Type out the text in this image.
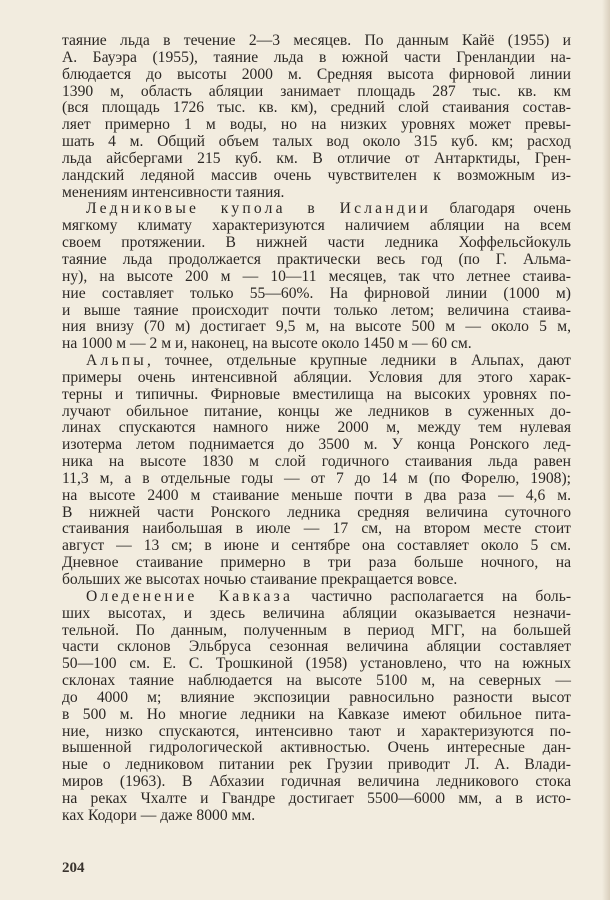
таяние льда в течение 2—3 месяцев. По данным Кайё (1955) и
А. Бауэра (1955), таяние льда в южной части Гренландии на-
блюдается до высоты 2000 м. Средняя высота фирновой линии
1390 м, область абляции занимает площадь 287 тыс. кв. км
(вся площадь 1726 тыс. кв. км), средний слой стаивания состав-
ляет примерно 1 м воды, но на низких уровнях может превы-
шать 4 м. Общий объем талых вод около 315 куб. км; расход
льда айсбергами 215 куб. км. В отличие от Антарктиды, Грен-
ландский ледяной массив очень чувствителен к возможным из-
менениям интенсивности таяния.
Ледниковые купола в Исландии благодаря очень
мягкому климату характеризуются наличием абляции на всем
своем протяжении. В нижней части ледника Хоффельсйокуль
таяние льда продолжается практически весь год (по Г. Альма-
ну), на высоте 200 м — 10—11 месяцев, так что летнее стаива-
ние составляет только 55—60%. На фирновой линии (1000 м)
и выше таяние происходит почти только летом; величина стаива-
ния внизу (70 м) достигает 9,5 м, на высоте 500 м — около 5 м,
на 1000 м — 2 м и, наконец, на высоте около 1450 м — 60 см.
Альпы, точнее, отдельные крупные ледники в Альпах, дают
примеры очень интенсивной абляции. Условия для этого харак-
терны и типичны. Фирновые вместилища на высоких уровнях по-
лучают обильное питание, концы же ледников в суженных до-
линах спускаются намного ниже 2000 м, между тем нулевая
изотерма летом поднимается до 3500 м. У конца Ронского лед-
ника на высоте 1830 м слой годичного стаивания льда равен
11,3 м, а в отдельные годы — от 7 до 14 м (по Форелю, 1908);
на высоте 2400 м стаивание меньше почти в два раза — 4,6 м.
В нижней части Ронского ледника средняя величина суточного
стаивания наибольшая в июле — 17 см, на втором месте стоит
август — 13 см; в июне и сентябре она составляет около 5 см.
Дневное стаивание примерно в три раза больше ночного, на
больших же высотах ночью стаивание прекращается вовсе.
Оледенение Кавказа частично располагается на боль-
ших высотах, и здесь величина абляции оказывается незначи-
тельной. По данным, полученным в период МГГ, на большей
части склонов Эльбруса сезонная величина абляции составляет
50—100 см. Е. С. Трошкиной (1958) установлено, что на южных
склонах таяние наблюдается на высоте 5100 м, на северных —
до 4000 м; влияние экспозиции равносильно разности высот
в 500 м. Но многие ледники на Кавказе имеют обильное пита-
ние, низко спускаются, интенсивно тают и характеризуются по-
вышенной гидрологической активностью. Очень интересные дан-
ные о ледниковом питании рек Грузии приводит Л. А. Влади-
миров (1963). В Абхазии годичная величина ледникового стока
на реках Чхалте и Гвандре достигает 5500—6000 мм, а в исто-
ках Кодори — даже 8000 мм.
204
